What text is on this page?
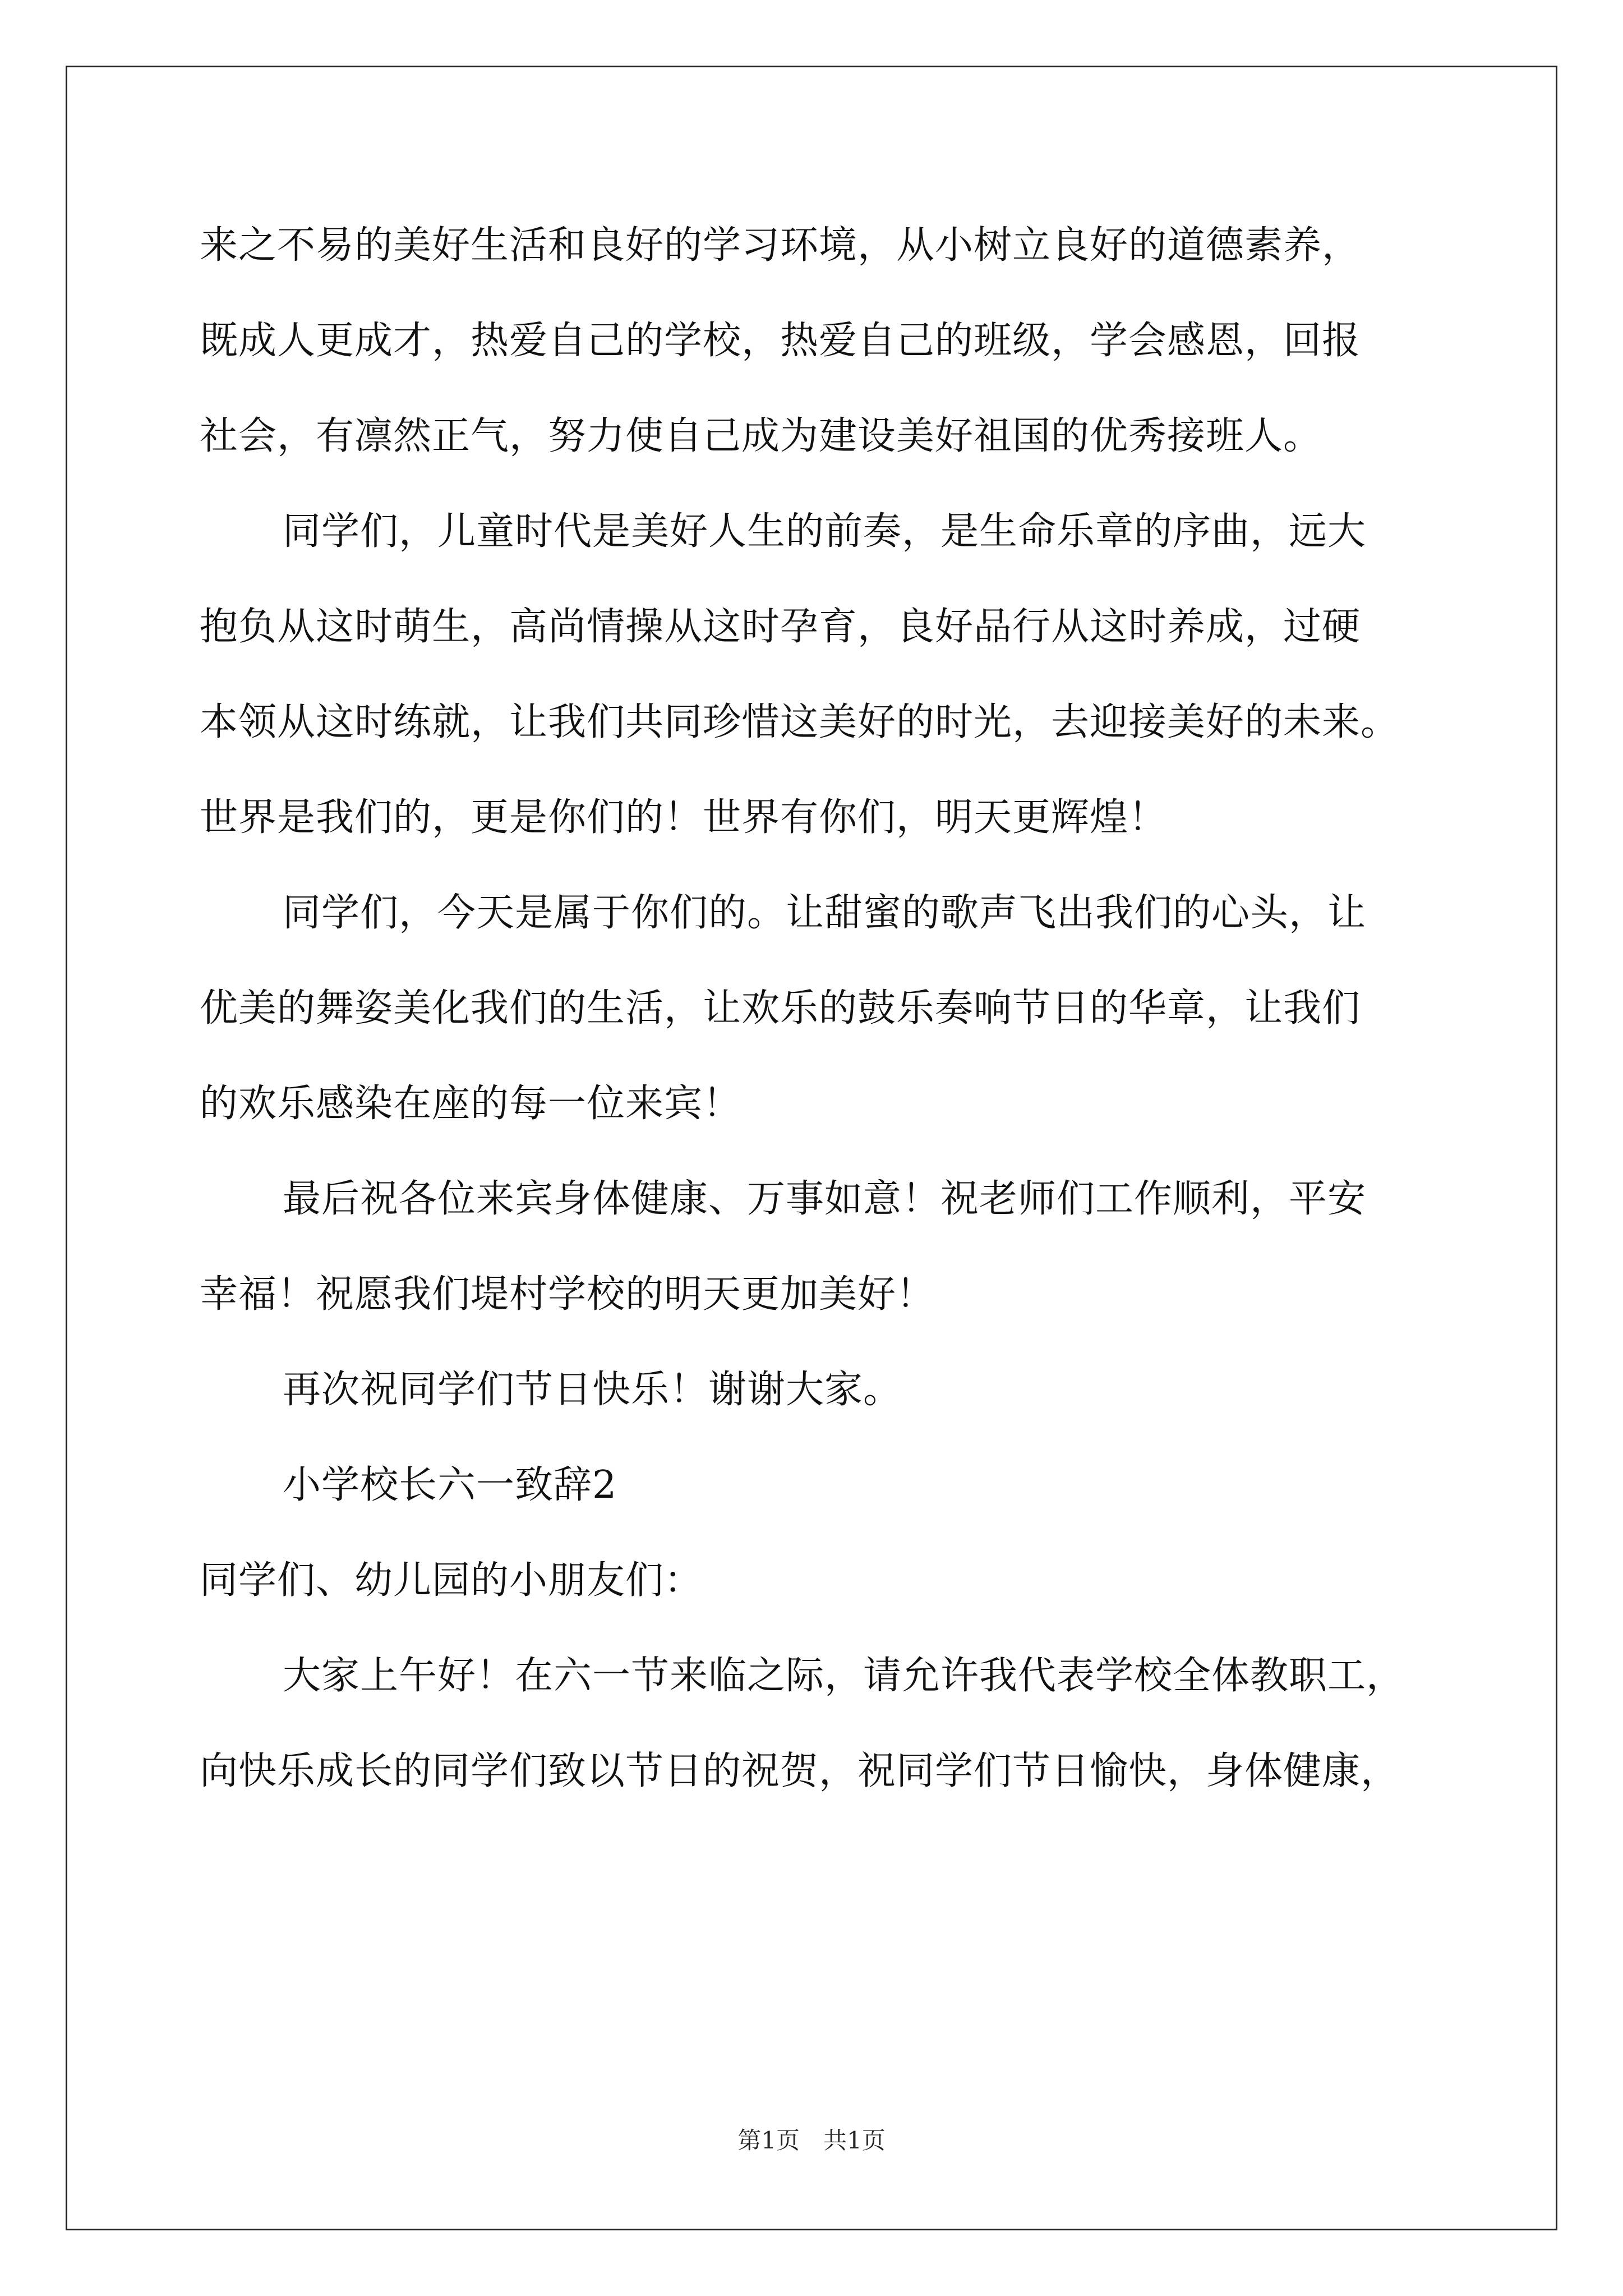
来之不易的美好生活和良好的学习环境，从小树立良好的道德素养，
既成人更成才，热爱自己的学校，热爱自己的班级，学会感恩，回报
社会，有凛然正气，努力使自己成为建设美好祖国的优秀接班人。
同学们，儿童时代是美好人生的前奏，是生命乐章的序曲，远大
抱负从这时萌生，高尚情操从这时孕育，良好品行从这时养成，过硬
本领从这时练就，让我们共同珍惜这美好的时光，去迎接美好的未来。
世界是我们的，更是你们的！世界有你们，明天更辉煌！
同学们，今天是属于你们的。让甜蜜的歌声飞出我们的心头，让
优美的舞姿美化我们的生活，让欢乐的鼓乐奏响节日的华章，让我们
的欢乐感染在座的每一位来宾！
最后祝各位来宾身体健康、万事如意！祝老师们工作顺利，平安
幸福！祝愿我们堤村学校的明天更加美好！
再次祝同学们节日快乐！谢谢大家。
小学校长六一致辞2
同学们、幼儿园的小朋友们：
大家上午好！在六一节来临之际，请允许我代表学校全体教职工，
向快乐成长的同学们致以节日的祝贺，祝同学们节日愉快，身体健康，
第1页　共1页
